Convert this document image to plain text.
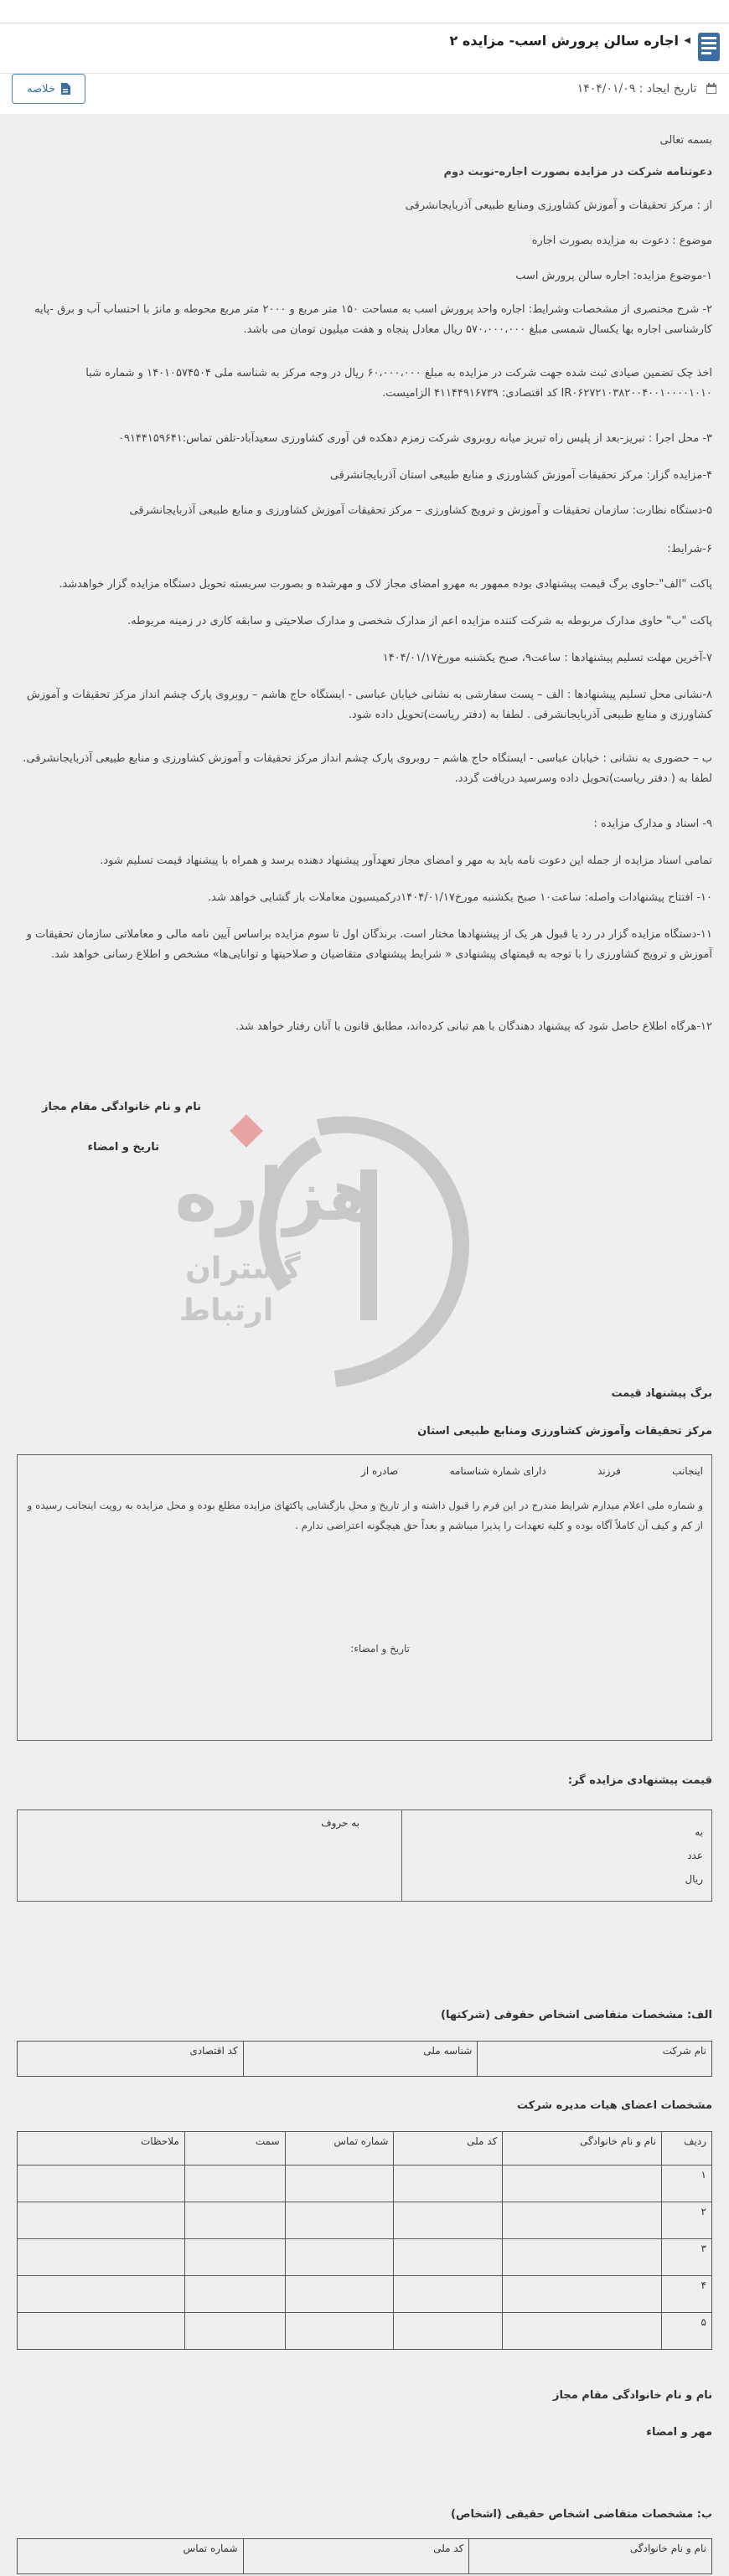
◀
اجاره سالن پرورش اسب- مزایده ۲
تاریخ ایجاد : ۱۴۰۴/۰۱/۰۹
خلاصه
بسمه تعالی
دعوتنامه شرکت در مزایده بصورت اجاره-نوبت دوم
از : مرکز تحقیقات و آموزش کشاورزی ومنابع طبیعی آذربایجانشرقی
موضوع : دعوت به مزایده بصورت اجاره
۱-موضوع مزایده: اجاره سالن پرورش اسب
۲- شرح مختصری از مشخصات وشرایط: اجاره واحد پرورش اسب به مساحت ۱۵۰ متر مربع و ۲۰۰۰ متر مربع محوطه و مانژ با احتساب آب و برق -پایه کارشناسی اجاره بها یکسال شمسی مبلغ ۵۷۰،۰۰۰،۰۰۰ ریال معادل پنجاه و هفت میلیون تومان می باشد.
اخذ چک تضمین صیادی ثبت شده جهت شرکت در مزایده به مبلغ ۶۰،۰۰۰،۰۰۰ ریال در وجه مرکز به شناسه ملی ۱۴۰۱۰۵۷۴۵۰۴ و شماره شبا IR۰۶۲۷۲۱۰۳۸۲۰۰۴۰۰۱۰۰۰۰۱۰۱۰ کد اقتصادی: ۴۱۱۴۴۹۱۶۷۳۹ الزامیست.
۳- محل اجرا : تبریز-بعد از پلیس راه تبریز میانه روبروی شرکت زمزم دهکده فن آوری کشاورزی سعیدآباد-تلفن تماس:۰۹۱۴۴۱۵۹۶۴۱
۴-مزایده گزار: مرکز تحقیقات آموزش کشاورزی و منابع طبیعی استان آذربایجانشرقی
۵-دستگاه نظارت: سازمان تحقیقات و آموزش و ترویج کشاورزی – مرکز تحقیقات آموزش کشاورزی و منابع طبیعی آذربایجانشرقی
۶-شرایط:
پاکت "الف"-حاوی برگ قیمت پیشنهادی بوده ممهور به مهرو امضای مجاز لاک و مهرشده و بصورت سربسته تحویل دستگاه مزایده گزار خواهدشد.
پاکت "ب" حاوی مدارک مربوطه به شرکت کننده مزایده اعم از مدارک شخصی و مدارک صلاحیتی و سابقه کاری در زمینه مربوطه.
۷-آخرین مهلت تسلیم پیشنهادها : ساعت۹، صبح یکشنبه مورخ۱۴۰۴/۰۱/۱۷
۸-نشانی محل تسلیم پیشنهادها : الف – پست سفارشی به نشانی خیابان عباسی - ایستگاه حاج هاشم – روبروی پارک چشم انداز مرکز تحقیقات و آموزش کشاورزی و منابع طبیعی آذربایجانشرقی . لطفا به (دفتر ریاست)تحویل داده شود.
ب – حضوری به نشانی : خیابان عباسی - ایستگاه حاج هاشم – روبروی پارک چشم انداز مرکز تحقیقات و آموزش کشاورزی و منابع طبیعی آذربایجانشرقی. لطفا به ( دفتر ریاست)تحویل داده وسرسید دریافت گردد.
۹- اسناد و مدارک مزایده :
تمامی اسناد مزایده از جمله این دعوت نامه باید به مهر و امضای مجاز تعهدآور پیشنهاد دهنده برسد و همراه با پیشنهاد قیمت تسلیم شود.
۱۰- افتتاح پیشنهادات واصله: ساعت۱۰ صبح یکشنبه مورخ۱۴۰۴/۰۱/۱۷درکمیسیون معاملات باز گشایی خواهد شد.
۱۱-دستگاه مزایده گزار در رد یا قبول هر یک از پیشنهادها مختار است. برندگان اول تا سوم مزایده براساس آیین نامه مالی و معاملاتی سازمان تحقیقات و آموزش و ترویج کشاورزی را با توجه به قیمتهای پیشنهادی « شرایط پیشنهادی متقاضیان و صلاحیتها و توانایی‌ها» مشخص و اطلاع رسانی خواهد شد.
۱۲-هرگاه اطلاع حاصل شود که پیشنهاد دهندگان با هم تبانی کرده‌اند، مطابق قانون با آنان رفتار خواهد شد.
نام و نام خانوادگی مقام مجاز
تاریخ و امضاء
هزاره
گستران
ارتباط
برگ پیشنهاد قیمت
مرکز تحقیقات وآموزش کشاورزی ومنابع طبیعی استان
اینجانب
فرزند
دارای شماره شناسنامه
صادره از
و شماره ملی اعلام میدارم شرایط مندرج در این فرم را قبول داشته و از تاریخ و محل بازگشایی پاکتهای مزایده مطلع بوده و محل مزایده به رویت اینجانب رسیده و از کم و کیف آن کاملاً آگاه بوده و کلیه تعهدات را پذیرا میباشم و بعداً حق هیچگونه اعتراضی ندارم .
تاریخ و امضاء:
قیمت پیشنهادی مزایده گر:
به
عدد
ریال
به حروف
الف: مشخصات متقاضی اشخاص حقوقی (شرکتها)
نام شرکت	شناسه ملی	کد اقتصادی
مشخصات اعضای هیات مدیره شرکت
ردیف	نام و نام خانوادگی	کد ملی	شماره تماس	سمت	ملاحظات
۱					
۲					
۳					
۴					
۵					
نام و نام خانوادگی مقام مجاز
مهر و امضاء
ب: مشخصات متقاضی اشخاص حقیقی (اشخاص)
نام و نام خانوادگی	کد ملی	شماره تماس
